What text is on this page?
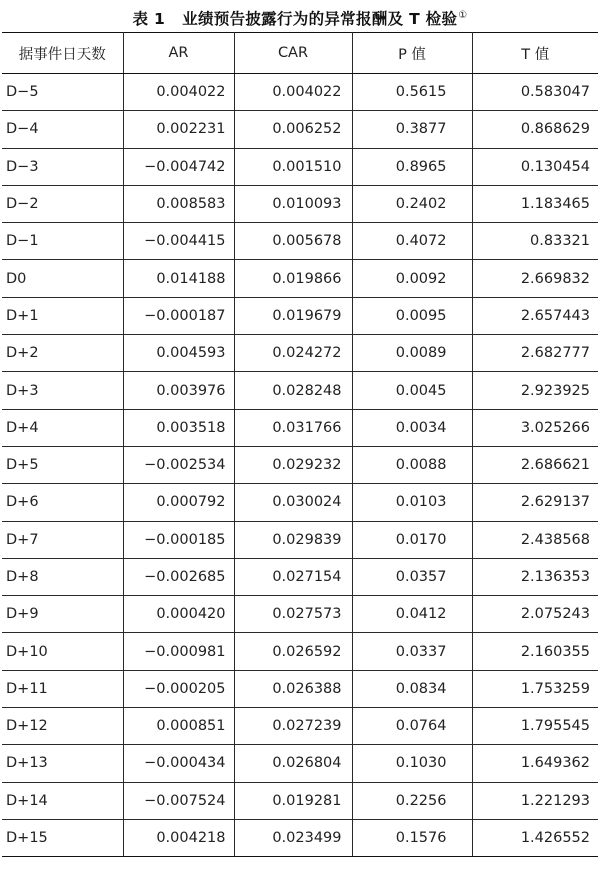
表 1 业绩预告披露行为的异常报酬及 T 检验①
据事件日天数	AR	CAR	P 值	T 值
D−5	0.004022	0.004022	0.5615	0.583047
D−4	0.002231	0.006252	0.3877	0.868629
D−3	−0.004742	0.001510	0.8965	0.130454
D−2	0.008583	0.010093	0.2402	1.183465
D−1	−0.004415	0.005678	0.4072	0.83321
D0	0.014188	0.019866	0.0092	2.669832
D+1	−0.000187	0.019679	0.0095	2.657443
D+2	0.004593	0.024272	0.0089	2.682777
D+3	0.003976	0.028248	0.0045	2.923925
D+4	0.003518	0.031766	0.0034	3.025266
D+5	−0.002534	0.029232	0.0088	2.686621
D+6	0.000792	0.030024	0.0103	2.629137
D+7	−0.000185	0.029839	0.0170	2.438568
D+8	−0.002685	0.027154	0.0357	2.136353
D+9	0.000420	0.027573	0.0412	2.075243
D+10	−0.000981	0.026592	0.0337	2.160355
D+11	−0.000205	0.026388	0.0834	1.753259
D+12	0.000851	0.027239	0.0764	1.795545
D+13	−0.000434	0.026804	0.1030	1.649362
D+14	−0.007524	0.019281	0.2256	1.221293
D+15	0.004218	0.023499	0.1576	1.426552
